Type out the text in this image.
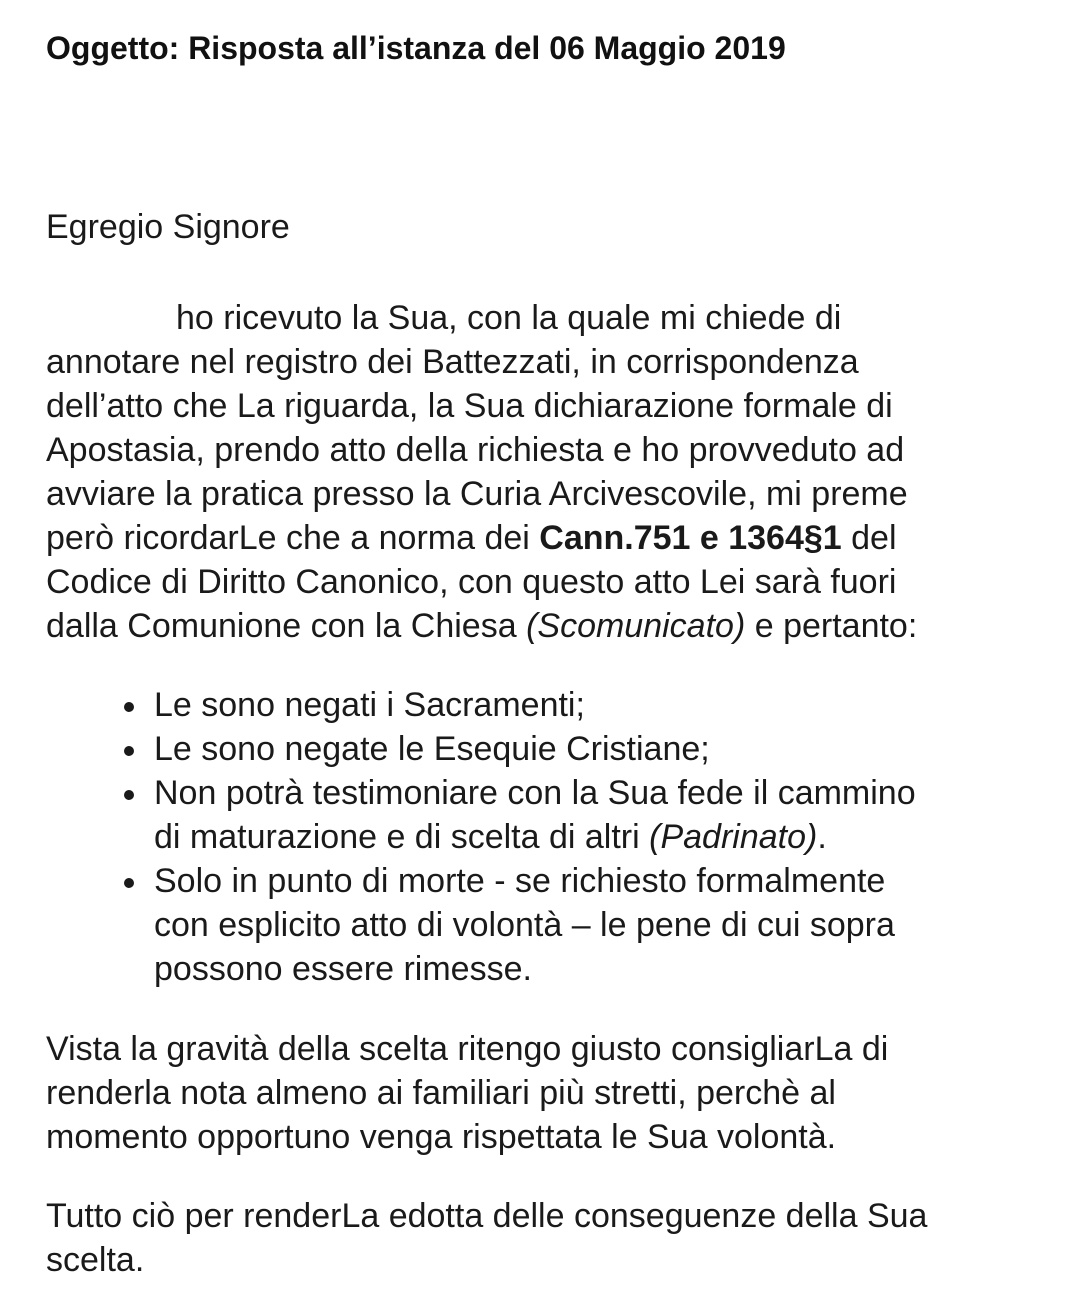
Oggetto: Risposta all’istanza del 06 Maggio 2019
Egregio Signore
ho ricevuto la Sua, con la quale mi chiede di
annotare nel registro dei Battezzati, in corrispondenza
dell’atto che La riguarda, la Sua dichiarazione formale di
Apostasia, prendo atto della richiesta e ho provveduto ad
avviare la pratica presso la Curia Arcivescovile, mi preme
però ricordarLe che a norma dei Cann.751 e 1364§1 del
Codice di Diritto Canonico, con questo atto Lei sarà fuori
dalla Comunione con la Chiesa (Scomunicato) e pertanto:
Le sono negati i Sacramenti;
Le sono negate le Esequie Cristiane;
Non potrà testimoniare con la Sua fede il cammino
di maturazione e di scelta di altri (Padrinato).
Solo in punto di morte - se richiesto formalmente
con esplicito atto di volontà – le pene di cui sopra
possono essere rimesse.
Vista la gravità della scelta ritengo giusto consigliarLa di
renderla nota almeno ai familiari più stretti, perchè al
momento opportuno venga rispettata le Sua volontà.
Tutto ciò per renderLa edotta delle conseguenze della Sua
scelta.
